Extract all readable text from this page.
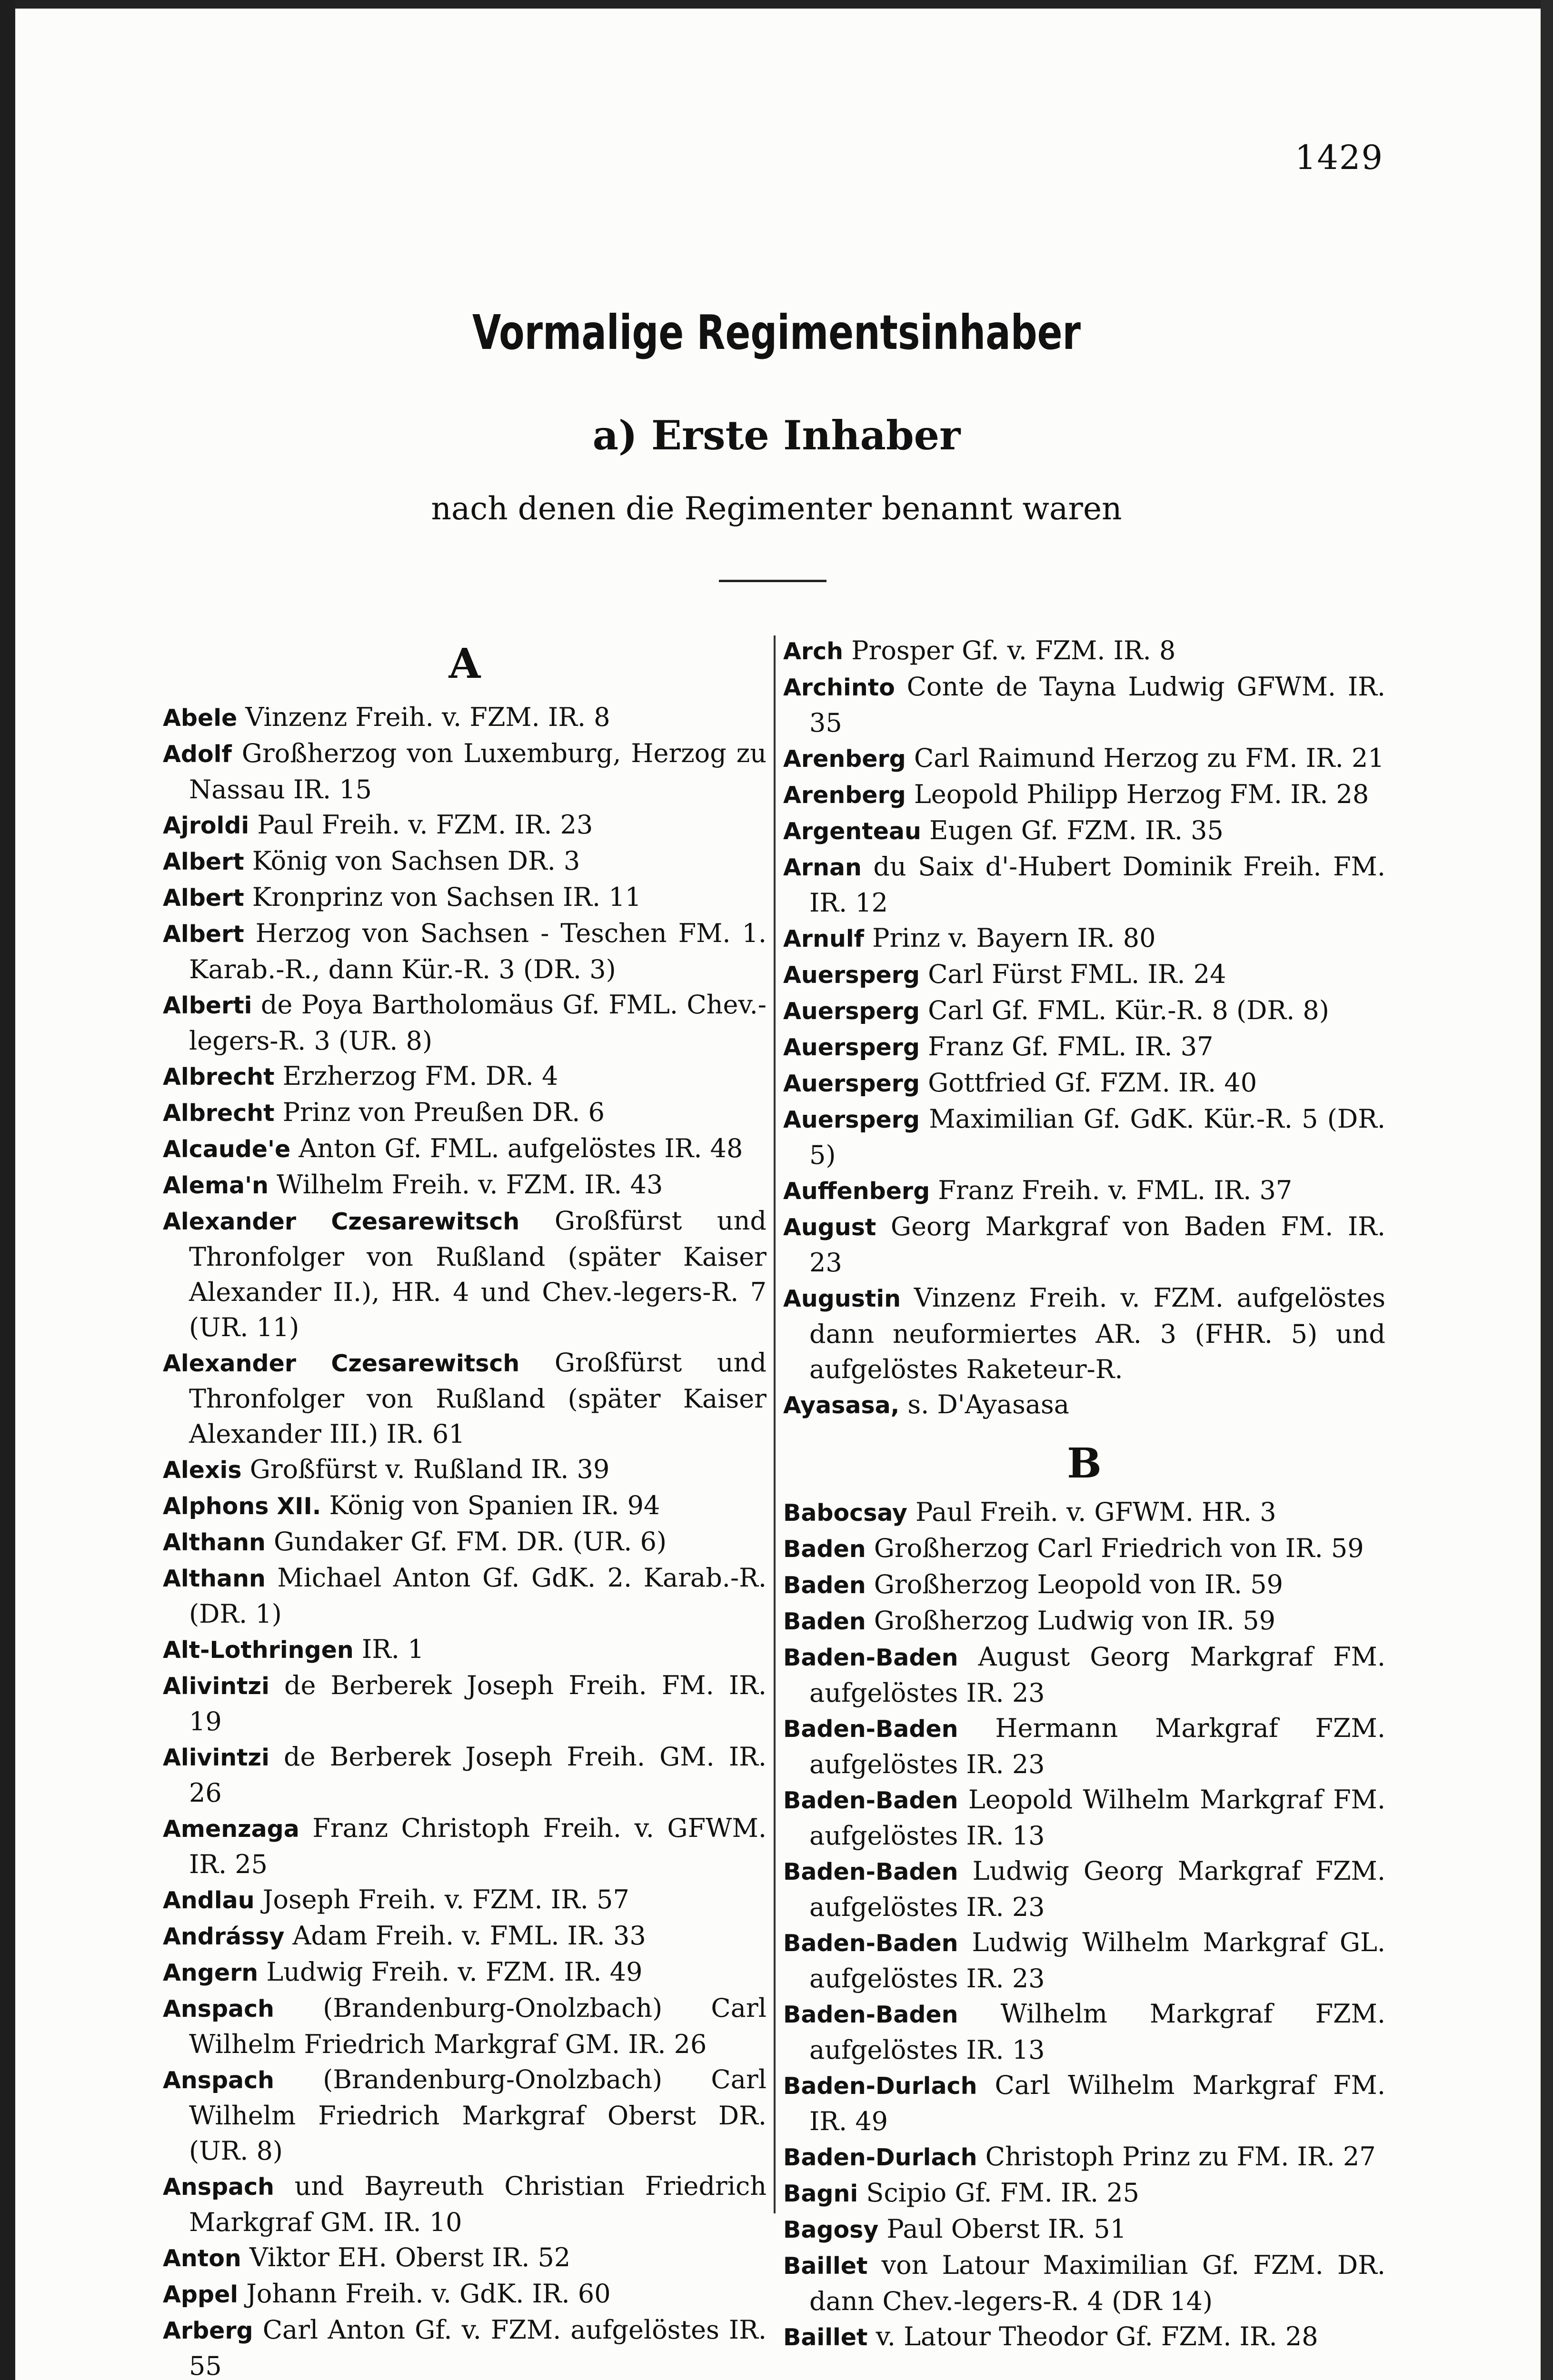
1429
Vormalige Regimentsinhaber
a) Erste Inhaber
nach denen die Regimenter benannt waren
A
Abele Vinzenz Freih. v. FZM. IR. 8
Adolf Großherzog von Luxemburg, Herzog zu Nassau IR. 15
Ajroldi Paul Freih. v. FZM. IR. 23
Albert König von Sachsen DR. 3
Albert Kronprinz von Sachsen IR. 11
Albert Herzog von Sachsen - Teschen FM. 1. Karab.-R., dann Kür.-R. 3 (DR. 3)
Alberti de Poya Bartholomäus Gf. FML. Chev.-legers-R. 3 (UR. 8)
Albrecht Erzherzog FM. DR. 4
Albrecht Prinz von Preußen DR. 6
Alcaude'e Anton Gf. FML. aufgelöstes IR. 48
Alema'n Wilhelm Freih. v. FZM. IR. 43
Alexander Czesarewitsch Großfürst und Thronfolger von Rußland (später Kaiser Alexander II.), HR. 4 und Chev.-legers-R. 7 (UR. 11)
Alexander Czesarewitsch Großfürst und Thronfolger von Rußland (später Kaiser Alexander III.) IR. 61
Alexis Großfürst v. Rußland IR. 39
Alphons XII. König von Spanien IR. 94
Althann Gundaker Gf. FM. DR. (UR. 6)
Althann Michael Anton Gf. GdK. 2. Karab.-R. (DR. 1)
Alt-Lothringen IR. 1
Alivintzi de Berberek Joseph Freih. FM. IR. 19
Alivintzi de Berberek Joseph Freih. GM. IR. 26
Amenzaga Franz Christoph Freih. v. GFWM. IR. 25
Andlau Joseph Freih. v. FZM. IR. 57
Andrássy Adam Freih. v. FML. IR. 33
Angern Ludwig Freih. v. FZM. IR. 49
Anspach (Brandenburg-Onolzbach) Carl Wilhelm Friedrich Markgraf GM. IR. 26
Anspach (Brandenburg-Onolzbach) Carl Wilhelm Friedrich Markgraf Oberst DR. (UR. 8)
Anspach und Bayreuth Christian Friedrich Markgraf GM. IR. 10
Anton Viktor EH. Oberst IR. 52
Appel Johann Freih. v. GdK. IR. 60
Arberg Carl Anton Gf. v. FZM. aufgelöstes IR. 55
Arch Prosper Gf. v. FZM. IR. 8
Archinto Conte de Tayna Ludwig GFWM. IR. 35
Arenberg Carl Raimund Herzog zu FM. IR. 21
Arenberg Leopold Philipp Herzog FM. IR. 28
Argenteau Eugen Gf. FZM. IR. 35
Arnan du Saix d'-Hubert Dominik Freih. FM. IR. 12
Arnulf Prinz v. Bayern IR. 80
Auersperg Carl Fürst FML. IR. 24
Auersperg Carl Gf. FML. Kür.-R. 8 (DR. 8)
Auersperg Franz Gf. FML. IR. 37
Auersperg Gottfried Gf. FZM. IR. 40
Auersperg Maximilian Gf. GdK. Kür.-R. 5 (DR. 5)
Auffenberg Franz Freih. v. FML. IR. 37
August Georg Markgraf von Baden FM. IR. 23
Augustin Vinzenz Freih. v. FZM. aufgelöstes dann neuformiertes AR. 3 (FHR. 5) und aufgelöstes Raketeur-R.
Ayasasa, s. D'Ayasasa
B
Babocsay Paul Freih. v. GFWM. HR. 3
Baden Großherzog Carl Friedrich von IR. 59
Baden Großherzog Leopold von IR. 59
Baden Großherzog Ludwig von IR. 59
Baden-Baden August Georg Markgraf FM. aufgelöstes IR. 23
Baden-Baden Hermann Markgraf FZM. aufgelöstes IR. 23
Baden-Baden Leopold Wilhelm Markgraf FM. aufgelöstes IR. 13
Baden-Baden Ludwig Georg Markgraf FZM. aufgelöstes IR. 23
Baden-Baden Ludwig Wilhelm Markgraf GL. aufgelöstes IR. 23
Baden-Baden Wilhelm Markgraf FZM. aufgelöstes IR. 13
Baden-Durlach Carl Wilhelm Markgraf FM. IR. 49
Baden-Durlach Christoph Prinz zu FM. IR. 27
Bagni Scipio Gf. FM. IR. 25
Bagosy Paul Oberst IR. 51
Baillet von Latour Maximilian Gf. FZM. DR. dann Chev.-legers-R. 4 (DR 14)
Baillet v. Latour Theodor Gf. FZM. IR. 28
